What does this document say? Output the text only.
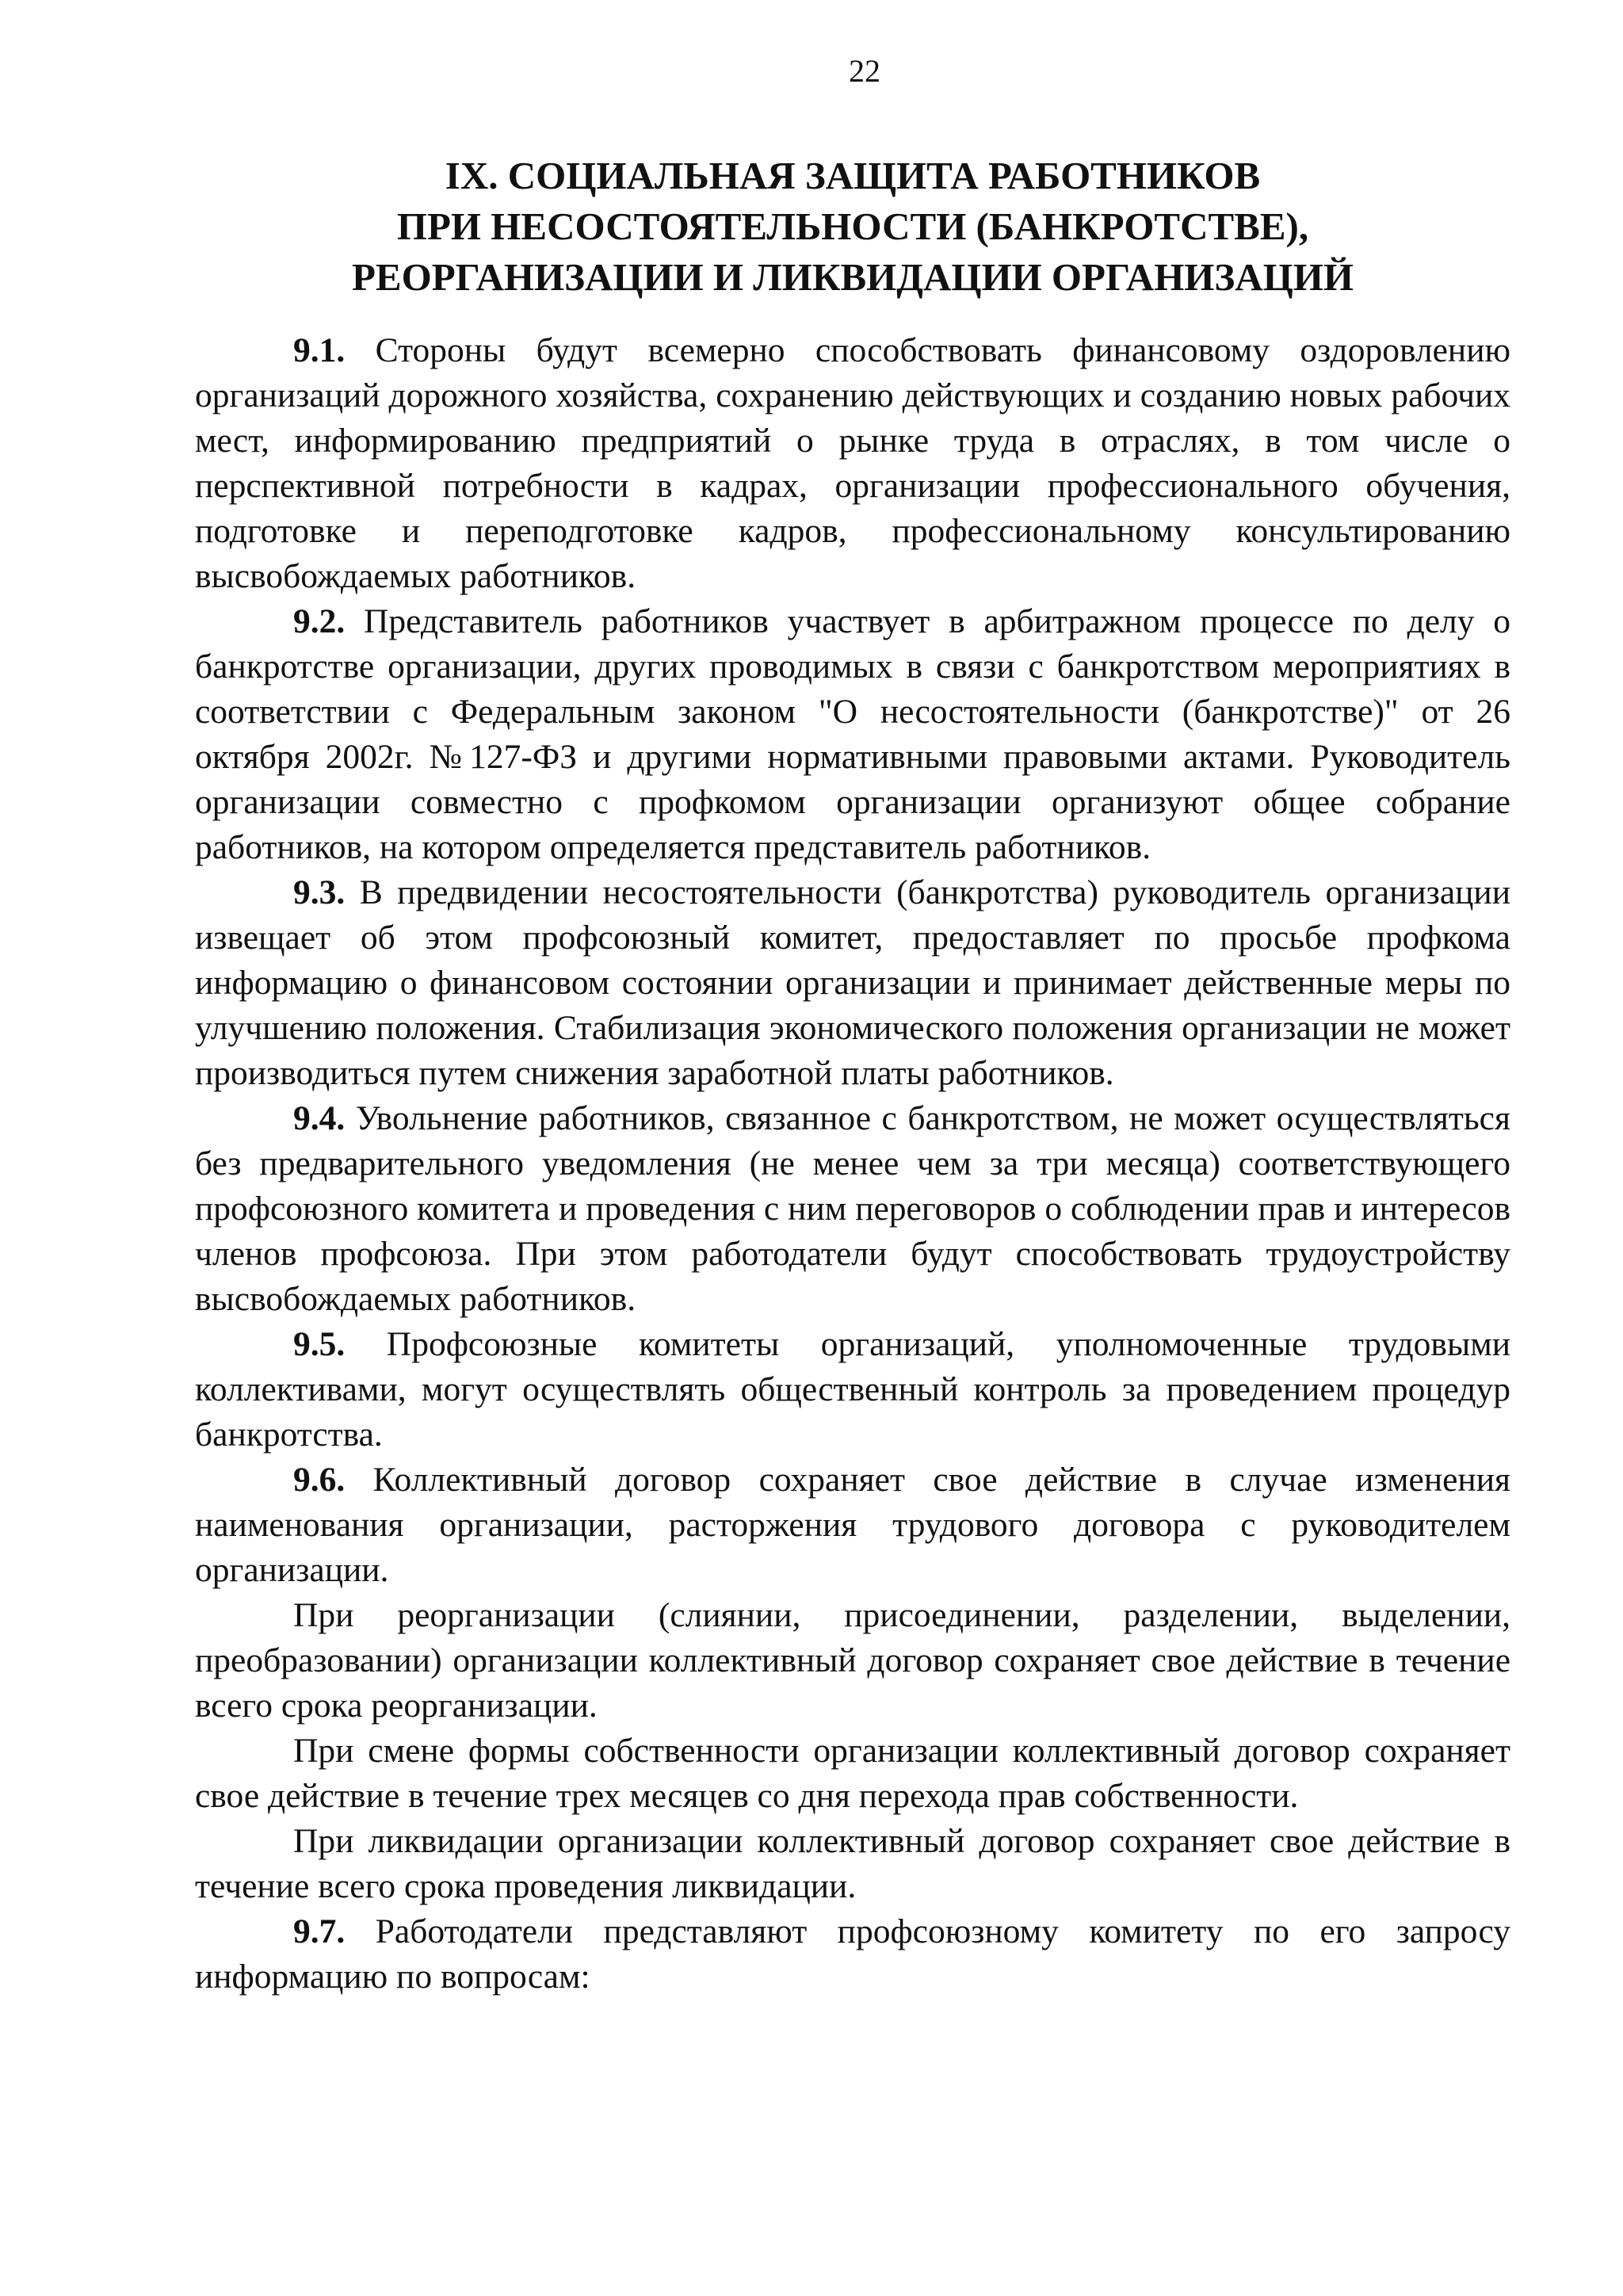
22
IX. СОЦИАЛЬНАЯ ЗАЩИТА РАБОТНИКОВ
ПРИ НЕСОСТОЯТЕЛЬНОСТИ (БАНКРОТСТВЕ),
РЕОРГАНИЗАЦИИ И ЛИКВИДАЦИИ ОРГАНИЗАЦИЙ

9.1. Стороны будут всемерно способствовать финансовому оздоровлению организаций дорожного хозяйства, сохранению действующих и созданию новых рабочих мест, информированию предприятий о рынке труда в отраслях, в том числе о перспективной потребности в кадрах, организации профессионального обучения, подготовке и переподготовке кадров, профессиональному консультированию высвобождаемых работников.

9.2. Представитель работников участвует в арбитражном процессе по делу о банкротстве организации, других проводимых в связи с банкротством мероприятиях в соответствии с Федеральным законом "О несостоятельности (банкротстве)" от 26 октября 2002г. №127-ФЗ и другими нормативными правовыми актами. Руководитель организации совместно с профкомом организации организуют общее собрание работников, на котором определяется представитель работников.

9.3. В предвидении несостоятельности (банкротства) руководитель организации извещает об этом профсоюзный комитет, предоставляет по просьбе профкома информацию о финансовом состоянии организации и принимает действенные меры по улучшению положения. Стабилизация экономического положения организации не может производиться путем снижения заработной платы работников.

9.4. Увольнение работников, связанное с банкротством, не может осуществляться без предварительного уведомления (не менее чем за три месяца) соответствующего профсоюзного комитета и проведения с ним переговоров о соблюдении прав и интересов членов профсоюза. При этом работодатели будут способствовать трудоустройству высвобождаемых работников.

9.5. Профсоюзные комитеты организаций, уполномоченные трудовыми коллективами, могут осуществлять общественный контроль за проведением процедур банкротства.

9.6. Коллективный договор сохраняет свое действие в случае изменения наименования организации, расторжения трудового договора с руководителем организации.

При реорганизации (слиянии, присоединении, разделении, выделении, преобразовании) организации коллективный договор сохраняет свое действие в течение всего срока реорганизации.

При смене формы собственности организации коллективный договор сохраняет свое действие в течение трех месяцев со дня перехода прав собственности.

При ликвидации организации коллективный договор сохраняет свое действие в течение всего срока проведения ликвидации.

9.7. Работодатели представляют профсоюзному комитету по его запросу информацию по вопросам:
